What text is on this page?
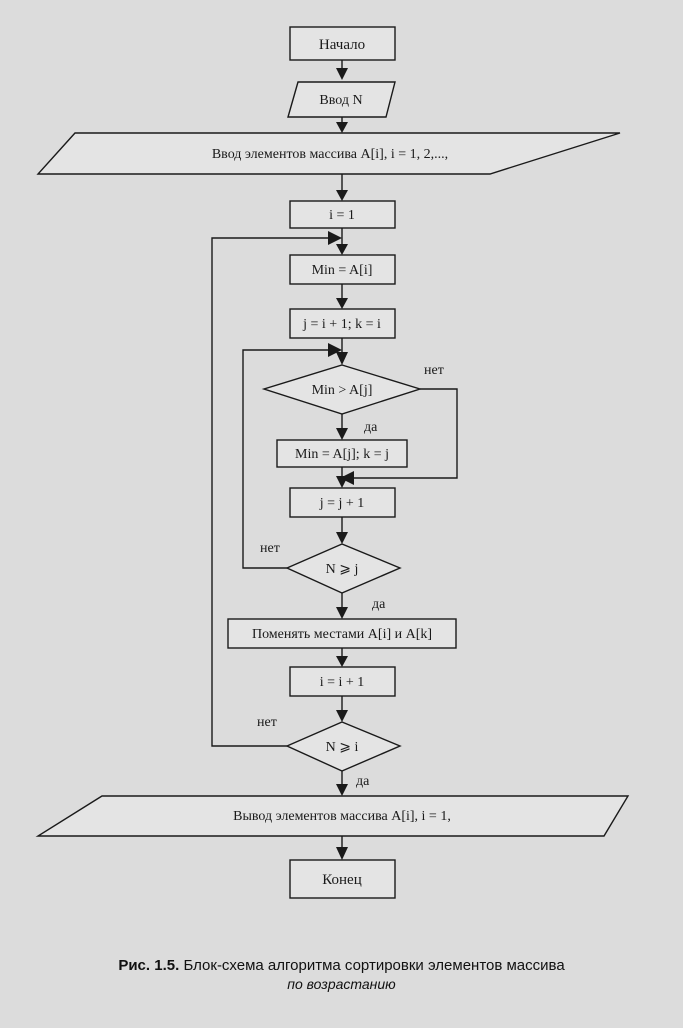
Начало
Ввод N
Ввод элементов массива A[i], i = 1, 2,...,
i = 1
Min = A[i]
j = i + 1; k = i
Min > A[j]
нет
да
Min = A[j]; k = j
j = j + 1
N ⩾ j
нет
да
Поменять местами A[i] и A[k]
i = i + 1
N ⩾ i
нет
да
Вывод элементов массива A[i], i = 1,
Конец
Рис. 1.5. Блок-схема алгоритма сортировки элементов массива
по возрастанию
